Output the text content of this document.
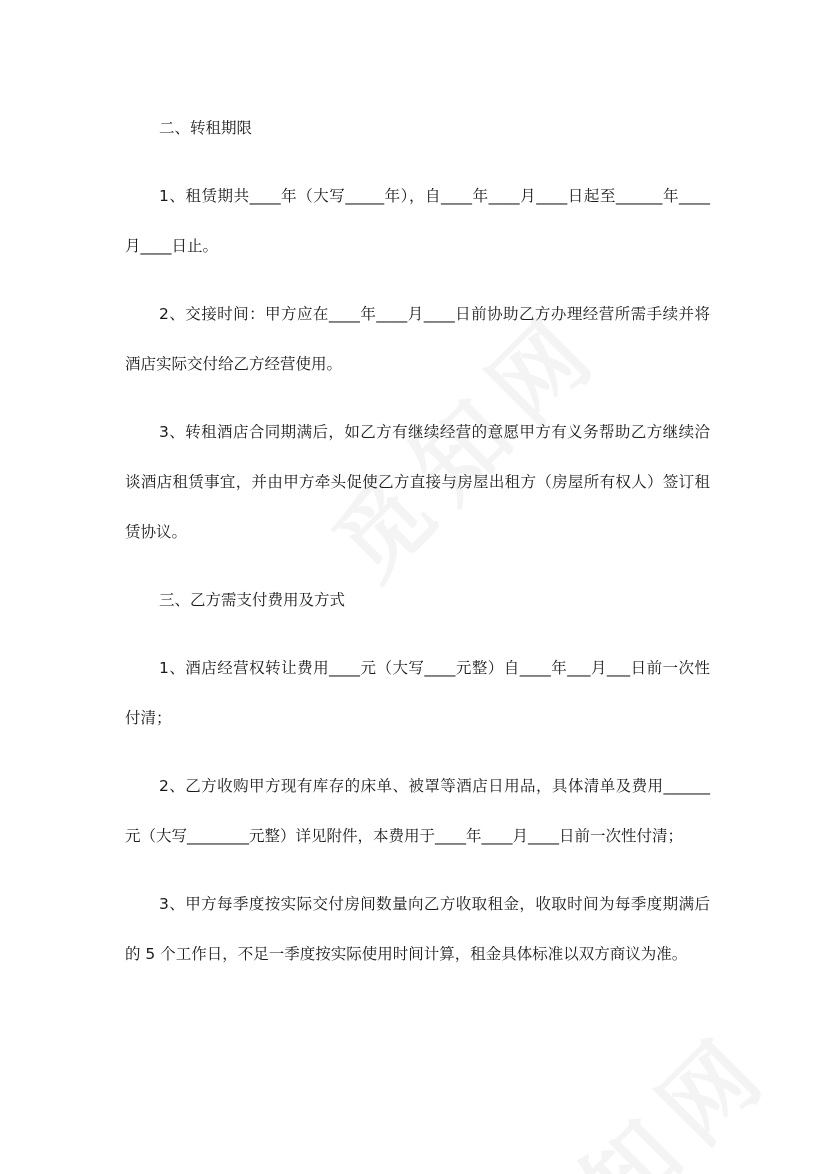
二、转租期限

1、租赁期共____年（大写_____年），自____年____月____日起至______年____月____日止。

2、交接时间：甲方应在____年____月____日前协助乙方办理经营所需手续并将酒店实际交付给乙方经营使用。

3、转租酒店合同期满后，如乙方有继续经营的意愿甲方有义务帮助乙方继续洽谈酒店租赁事宜，并由甲方牵头促使乙方直接与房屋出租方（房屋所有权人）签订租赁协议。

三、乙方需支付费用及方式

1、酒店经营权转让费用____元（大写____元整）自____年___月___日前一次性付清；

2、乙方收购甲方现有库存的床单、被罩等酒店日用品，具体清单及费用______元（大写________元整）详见附件，本费用于____年____月____日前一次性付清；

3、甲方每季度按实际交付房间数量向乙方收取租金，收取时间为每季度期满后的 5 个工作日，不足一季度按实际使用时间计算，租金具体标准以双方商议为准。
